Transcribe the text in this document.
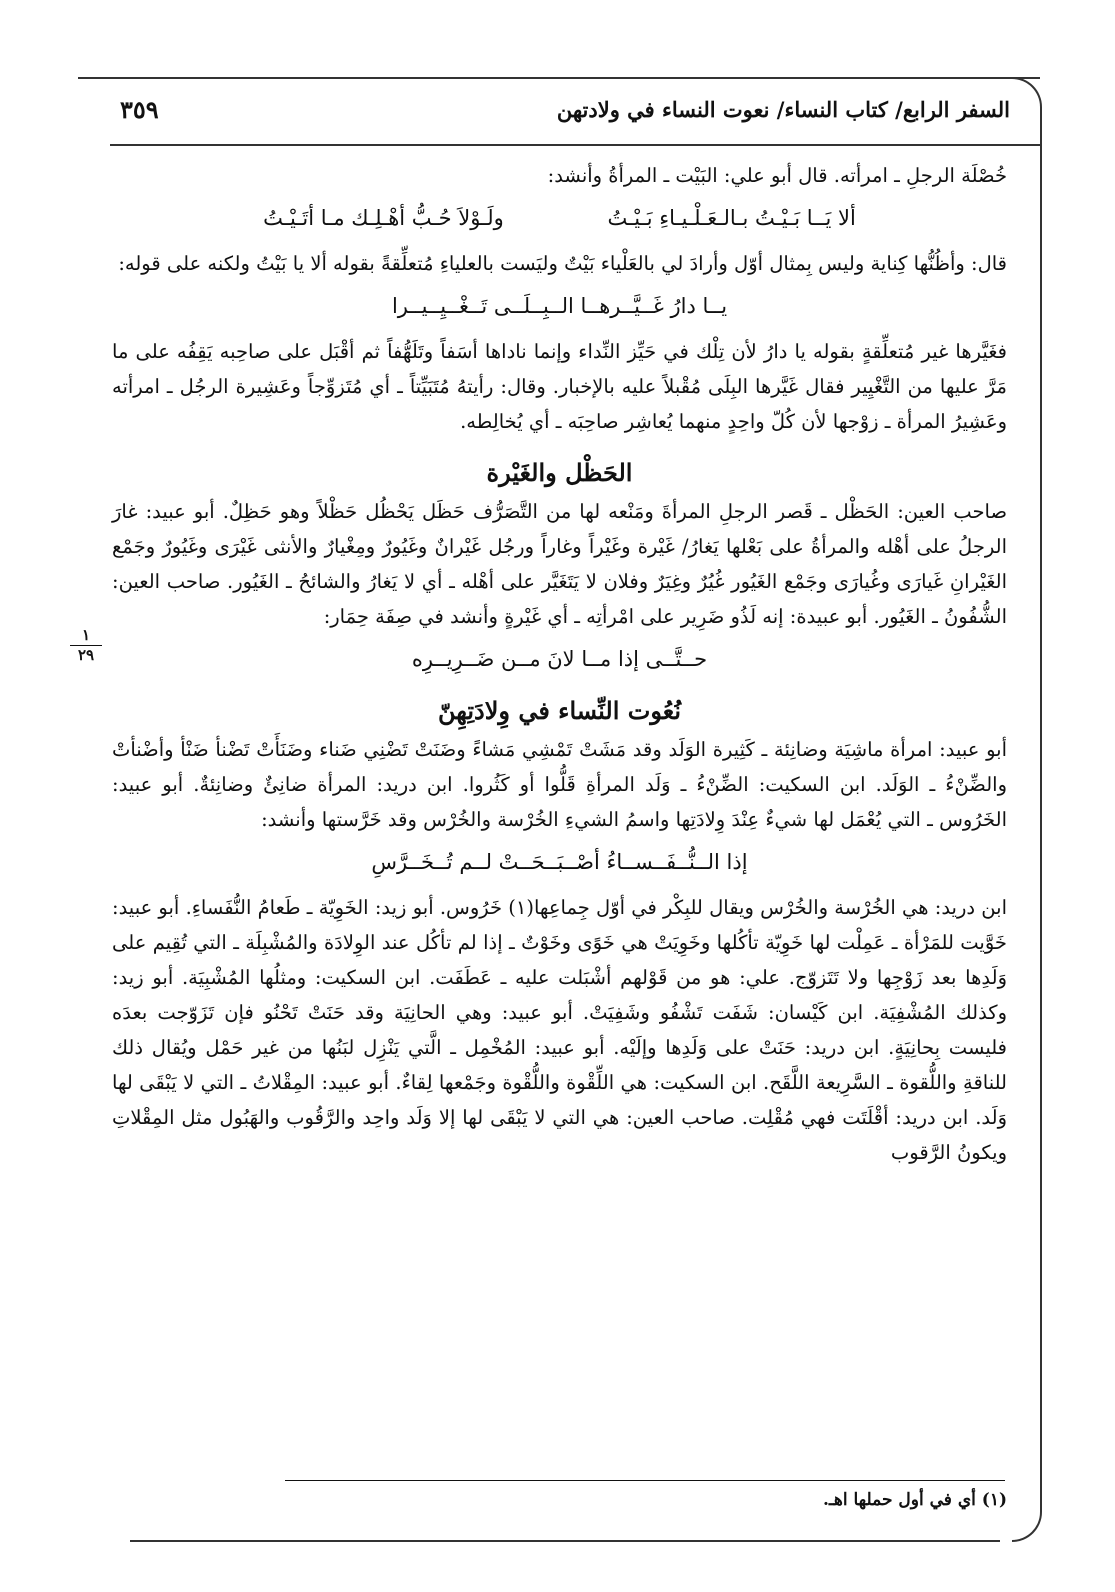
٣٥٩	السفر الرابع/ كتاب النساء/ نعوت النساء في ولادتهن
١
٢٩

خُصْلَة الرجلِ ـ امرأته. قال أبو علي: البَيْت ـ المرأةُ وأنشد:

ألا يَــا بَـيْـتُ بـالـعَـلْـيـاءِ بَـيْـتُ ولَـوْلاَ حُـبُّ أهْـلِـك مـا أتَـيْـتُ

قال: وأظُنُّها كِناية وليس بِمثال أوّل وأرادَ لي بالعَلْياء بَيْتٌ وليَست بالعلياءِ مُتعلِّقةً بقوله ألا يا بَيْتُ ولكنه على قوله:

يــا دارُ غَــيَّــرهــا الــبِــلَــى تَــغْــيِــيــرا

فغَيَّرها غير مُتعلِّقةٍ بقوله يا دارُ لأن تِلْك في حَيِّز النِّداء وإنما ناداها أسَفاً وتَلَهُّفاً ثم أقْبَل على صاحِبه يَقِفُه على ما مَرَّ عليها من التَّغْيِير فقال غَيَّرها البِلَى مُقْبلاً عليه بالإخبار. وقال: رأيتهُ مُتَبَيِّتاً ـ أي مُتَزوِّجاً وعَشِيرة الرجُل ـ امرأته وعَشِيرُ المرأة ـ زوْجها لأن كُلّ واحِدٍ منهما يُعاشِر صاحِبَه ـ أي يُخالِطه.

الحَظْل والغَيْرة

صاحب العين: الحَظْل ـ قَصر الرجلِ المرأةَ ومَنْعه لها من التَّصَرُّف حَظَل يَحْظُل حَظْلاً وهو حَظِلٌ. أبو عبيد: غارَ الرجلُ على أهْله والمرأةُ على بَعْلها يَغارُ/ غَيْرة وغَيْراً وغاراً ورجُل غَيْرانٌ وغَيُورٌ ومِغْيارٌ والأنثى غَيْرَى وغَيُورٌ وجَمْع الغَيْرانِ غَيارَى وغُيارَى وجَمْع الغَيُور غُيُرٌ وغِيَرٌ وفلان لا يَتَغَيَّر على أهْله ـ أي لا يَغارُ والشائحُ ـ الغَيُور. صاحب العين: الشُّفُونُ ـ الغَيُور. أبو عبيدة: إنه لَذُو ضَرِير على امْرأتِه ـ أي غَيْرةٍ وأنشد في صِفَة حِمَار:

حــتَّــى إذا مــا لانَ مــن ضَــرِيــرِه
نُعُوت النِّساء في وِلادَتِهِنّ

أبو عبيد: امرأة ماشِيَة وضانِئة ـ كَثِيرة الوَلَد وقد مَشَتْ تَمْشِي مَشاءً وضَنَتْ تَضْنِي ضَناء وضَنَأَتْ تَضْنأ ضَنْأ وأضْنأتْ والضِّنْءُ ـ الوَلَد. ابن السكيت: الضِّنْءُ ـ وَلَد المرأةِ قَلُّوا أو كَثُروا. ابن دريد: المرأة ضانِئٌ وضانِئةٌ. أبو عبيد: الخَرُوس ـ التي يُعْمَل لها شيءٌ عِنْدَ وِلادَتِها واسمُ الشيءِ الخُرْسة والخُرْس وقد خَرَّستها وأنشد:

إذا الــنُّــفَــســاءُ أصْــبَــحَــتْ لــم تُــخَــرَّسِ

ابن دريد: هي الخُرْسة والخُرْس ويقال للبِكْر في أوّل جِماعِها(١) خَرُوس. أبو زيد: الخَوِيّة ـ طَعامُ النُّفَساءِ. أبو عبيد: خَوَّيت للمَرْأة ـ عَمِلْت لها خَوِيّة تأكُلها وخَوِيَتْ هي خَوًى وخَوْتٌ ـ إذا لم تأكُل عند الوِلادَة والمُشْبِلَة ـ التي تُقِيم على وَلَدِها بعد زَوْجِها ولا تَتَزوّج. علي: هو من قَوْلهم أشْبَلت عليه ـ عَطَفَت. ابن السكيت: ومثلُها المُشْبِيَة. أبو زيد: وكذلك المُشْفِيَة. ابن كَيْسان: شَفَت تَشْفُو وشَفِيَتْ. أبو عبيد: وهي الحانِيَة وقد حَنَتْ تَحْنُو فإن تَزَوّجت بعدَه فليست بِحانِيَةٍ. ابن دريد: حَنَتْ على وَلَدِها وإلَيْه. أبو عبيد: المُخْمِل ـ الَّتي يَنْزِل لبَنُها من غير حَمْل ويُقال ذلك للناقةِ واللُّقوة ـ السَّرِيعة اللَّقَح. ابن السكيت: هي اللِّقْوة واللُّقْوة وجَمْعها لِقاءٌ. أبو عبيد: المِقْلاتُ ـ التي لا يَبْقَى لها وَلَد. ابن دريد: أقْلَتَت فهي مُقْلِت. صاحب العين: هي التي لا يَبْقَى لها إلا وَلَد واحِد والرَّقُوب والهَبُول مثل المِقْلاتِ ويكونُ الرَّقوب

(١) أي في أول حملها اهـ.
